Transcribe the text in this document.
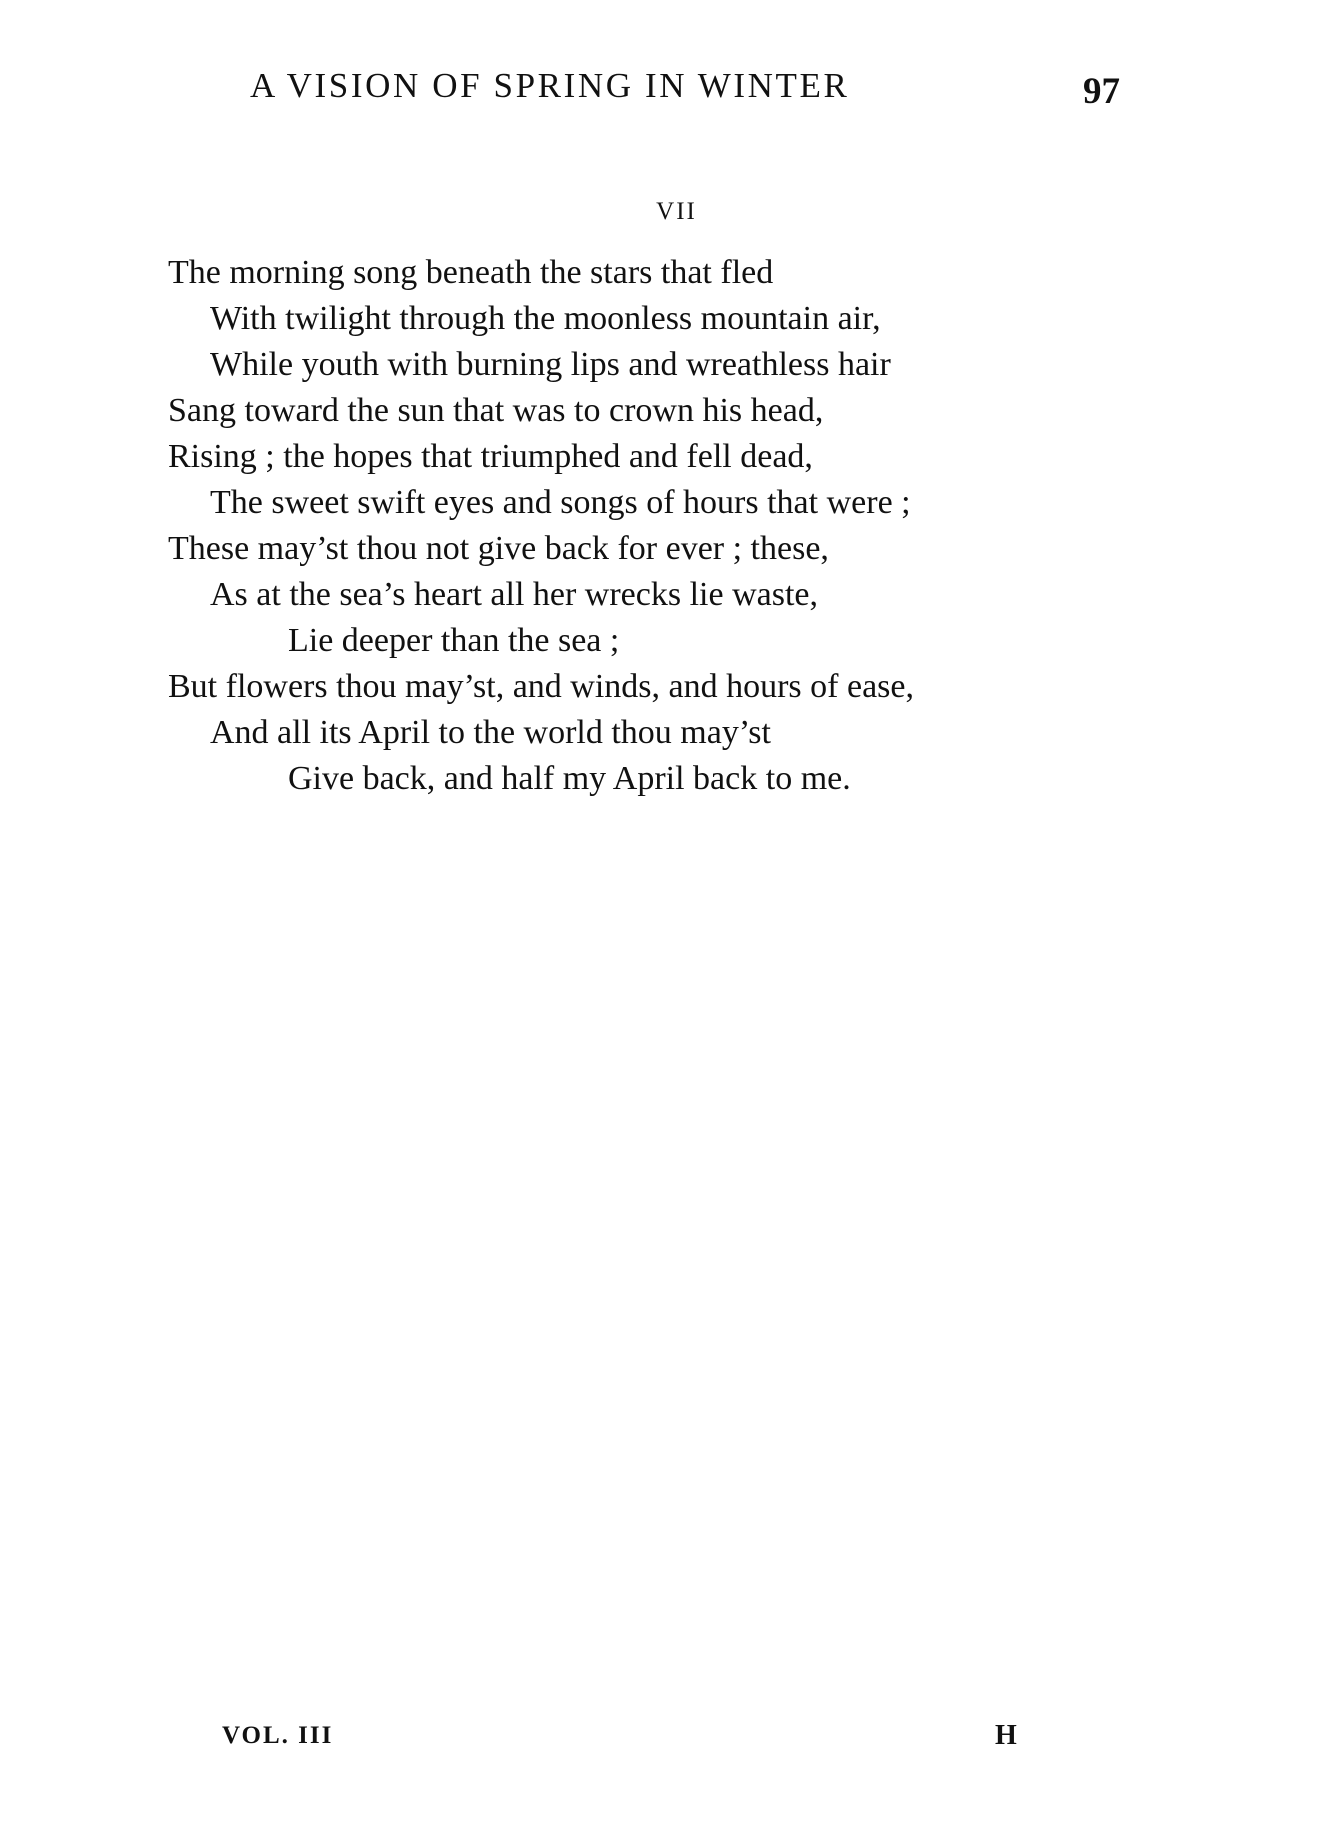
A VISION OF SPRING IN WINTER	97
VII
The morning song beneath the stars that fled
With twilight through the moonless mountain air,
While youth with burning lips and wreathless hair
Sang toward the sun that was to crown his head,
Rising ; the hopes that triumphed and fell dead,
The sweet swift eyes and songs of hours that were ;
These may’st thou not give back for ever ; these,
As at the sea’s heart all her wrecks lie waste,
Lie deeper than the sea ;
But flowers thou may’st, and winds, and hours of ease,
And all its April to the world thou may’st
Give back, and half my April back to me.
VOL. III	H
